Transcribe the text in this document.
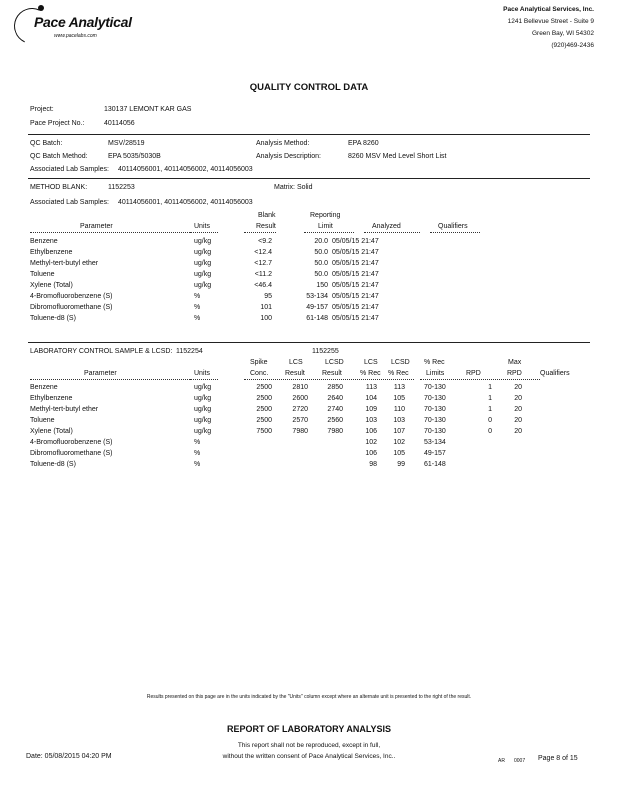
Pace Analytical
www.pacelabs.com
Pace Analytical Services, Inc.
1241 Bellevue Street - Suite 9
Green Bay, WI 54302
(920)469-2436
QUALITY CONTROL DATA
Project:	130137 LEMONT KAR GAS
Pace Project No.:	40114056
QC Batch:	MSV/28519	Analysis Method:	EPA 8260
QC Batch Method:	EPA 5035/5030B	Analysis Description:	8260 MSV Med Level Short List
Associated Lab Samples: 40114056001, 40114056002, 40114056003
METHOD BLANK:	1152253	Matrix: Solid
Associated Lab Samples: 40114056001, 40114056002, 40114056003
Blank	Reporting
Parameter	Units	Result	Limit	Analyzed	Qualifiers
Benzene	ug/kg	<9.2	20.0 05/05/15 21:47
Ethylbenzene	ug/kg	<12.4	50.0 05/05/15 21:47
Methyl-tert-butyl ether	ug/kg	<12.7	50.0 05/05/15 21:47
Toluene	ug/kg	<11.2	50.0 05/05/15 21:47
Xylene (Total)	ug/kg	<46.4	150 05/05/15 21:47
4-Bromofluorobenzene (S)	%	95	53-134 05/05/15 21:47
Dibromofluoromethane (S)	%	101	49-157 05/05/15 21:47
Toluene-d8 (S)	%	100	61-148 05/05/15 21:47
LABORATORY CONTROL SAMPLE & LCSD: 1152254	1152255
Spike	LCS	LCSD	LCS LCSD % Rec	Max
Parameter	Units	Conc. Result Result	% Rec % Rec Limits	RPD	RPD	Qualifiers
Benzene	ug/kg	2500	2810	2850	113 113	70-130	1	20
Ethylbenzene	ug/kg	2500	2600	2640	104 105	70-130	1	20
Methyl-tert-butyl ether	ug/kg	2500	2720	2740	109 110	70-130	1	20
Toluene	ug/kg	2500	2570	2560	103 103	70-130	0	20
Xylene (Total)	ug/kg	7500	7980	7980	106 107	70-130	0	20
4-Bromofluorobenzene (S)	%	102 102	53-134
Dibromofluoromethane (S)	%	106 105	49-157
Toluene-d8 (S)	%	98	99	61-148
Results presented on this page are in the units indicated by the "Units" column except where an alternate unit is presented to the right of the result.
REPORT OF LABORATORY ANALYSIS
This report shall not be reproduced, except in full,
Date: 05/08/2015 04:20 PM	without the written consent of Pace Analytical Services, Inc..
AR 0007 Page 8 of 15
